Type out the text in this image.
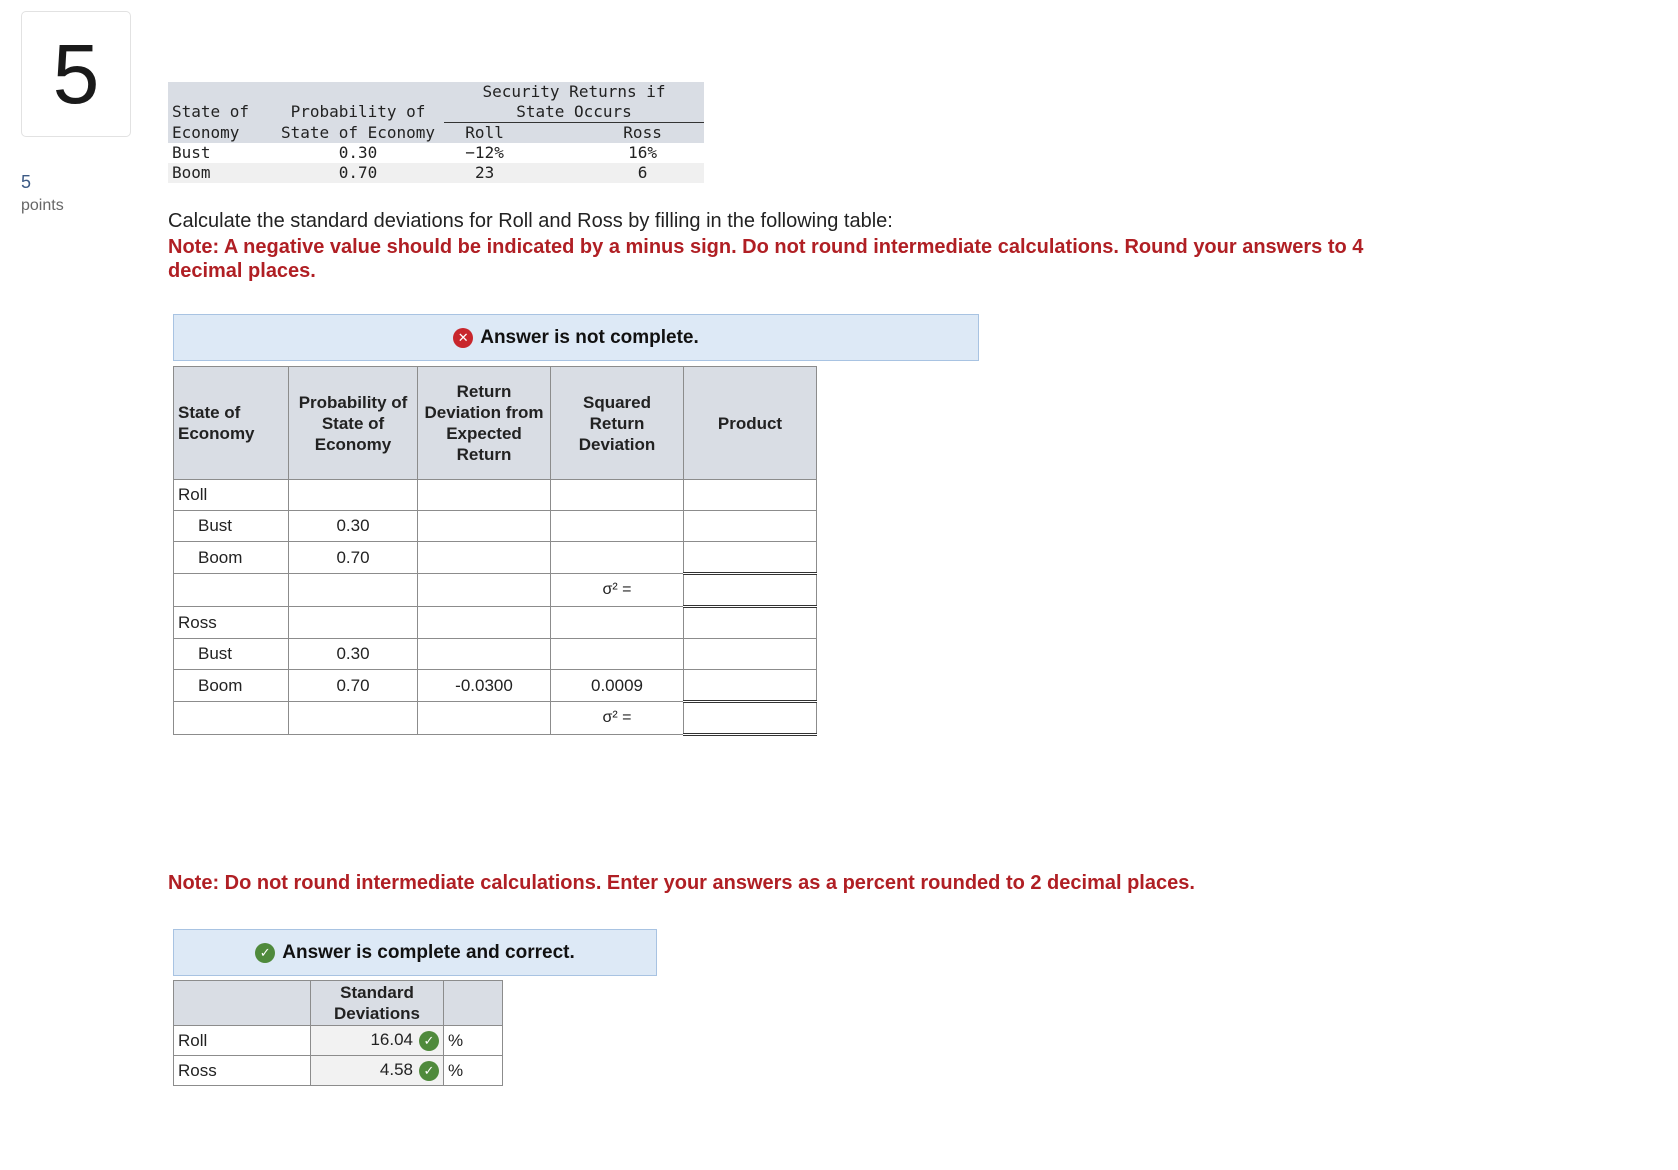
5
5
points
		Security Returns if	
State of	Probability of	State Occurs	
Economy	State of Economy	Roll	Ross
Bust	0.30	−12%	16%
Boom	0.70	23	6
Calculate the standard deviations for Roll and Ross by filling in the following table:
Note: A negative value should be indicated by a minus sign. Do not round intermediate calculations. Round your answers to 4 decimal places.
✕ Answer is not complete.
State of Economy	Probability of State of Economy	Return Deviation from Expected Return	Squared Return Deviation	Product
Roll				
Bust	0.30			
Boom	0.70			
			σ² =	
Ross				
Bust	0.30			
Boom	0.70	-0.0300	0.0009	
			σ² =	
Note: Do not round intermediate calculations. Enter your answers as a percent rounded to 2 decimal places.
✓ Answer is complete and correct.
	Standard Deviations	
Roll	16.04 ✓	%
Ross	4.58 ✓	%
